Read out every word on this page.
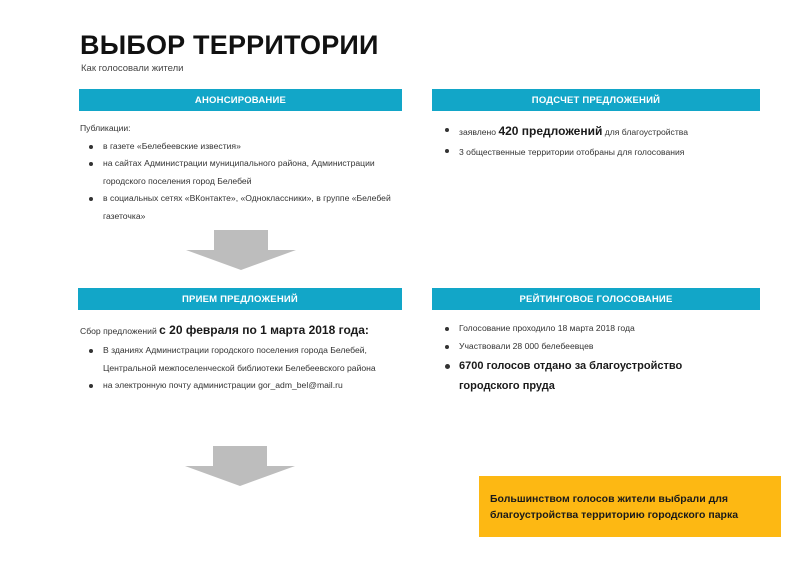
ВЫБОР ТЕРРИТОРИИ
Как голосовали жители
АНОНСИРОВАНИЕ
Публикации:
в газете «Белебеевские известия»
на сайтах Администрации муниципального района, Администрации городского поселения город Белебей
в социальных сетях «ВКонтакте», «Одноклассники», в группе «Белебей газеточка»
ПОДСЧЕТ ПРЕДЛОЖЕНИЙ
заявлено 420 предложений для благоустройства
3 общественные территории отобраны для голосования
ПРИЕМ ПРЕДЛОЖЕНИЙ
Сбор предложений с 20 февраля по 1 марта 2018 года:
В зданиях Администрации городского поселения города Белебей, Центральной межпоселенческой библиотеки Белебеевского района
на электронную почту администрации gor_adm_bel@mail.ru
РЕЙТИНГОВОЕ ГОЛОСОВАНИЕ
Голосование проходило 18 марта 2018 года
Участвовали 28 000 белебеевцев
6700 голосов отдано за благоустройство городского пруда
Большинством голосов жители выбрали для благоустройства территорию городского парка
